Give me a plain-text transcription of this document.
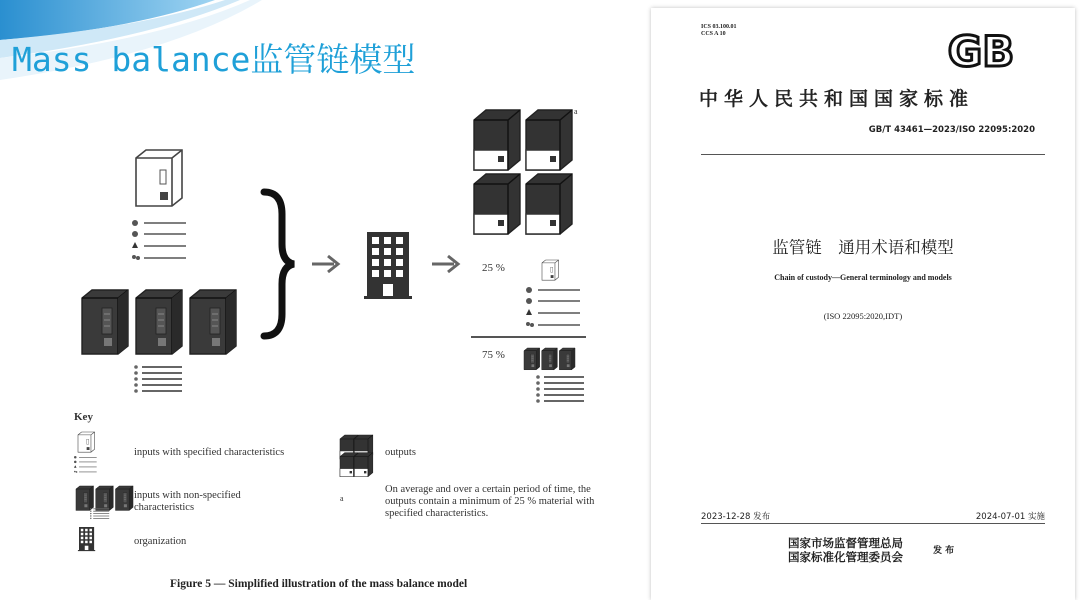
Mass balance监管链模型
a
25 %
75 %
Key
inputs with specified characteristics	outputs
inputs with non-specified characteristics
organization
a
On average and over a certain period of time, the outputs contain a minimum of 25 % material with specified characteristics.
Figure 5 — Simplified illustration of the mass balance model
ICS 03.100.01
CCS A 10	GB
中华人民共和国国家标准
GB/T 43461—2023/ISO 22095:2020
监管链　通用术语和模型
Chain of custody—General terminology and models
(ISO 22095:2020,IDT)
2023-12-28 发布	2024-07-01 实施
国家市场监督管理总局
国家标准化管理委员会	发 布
